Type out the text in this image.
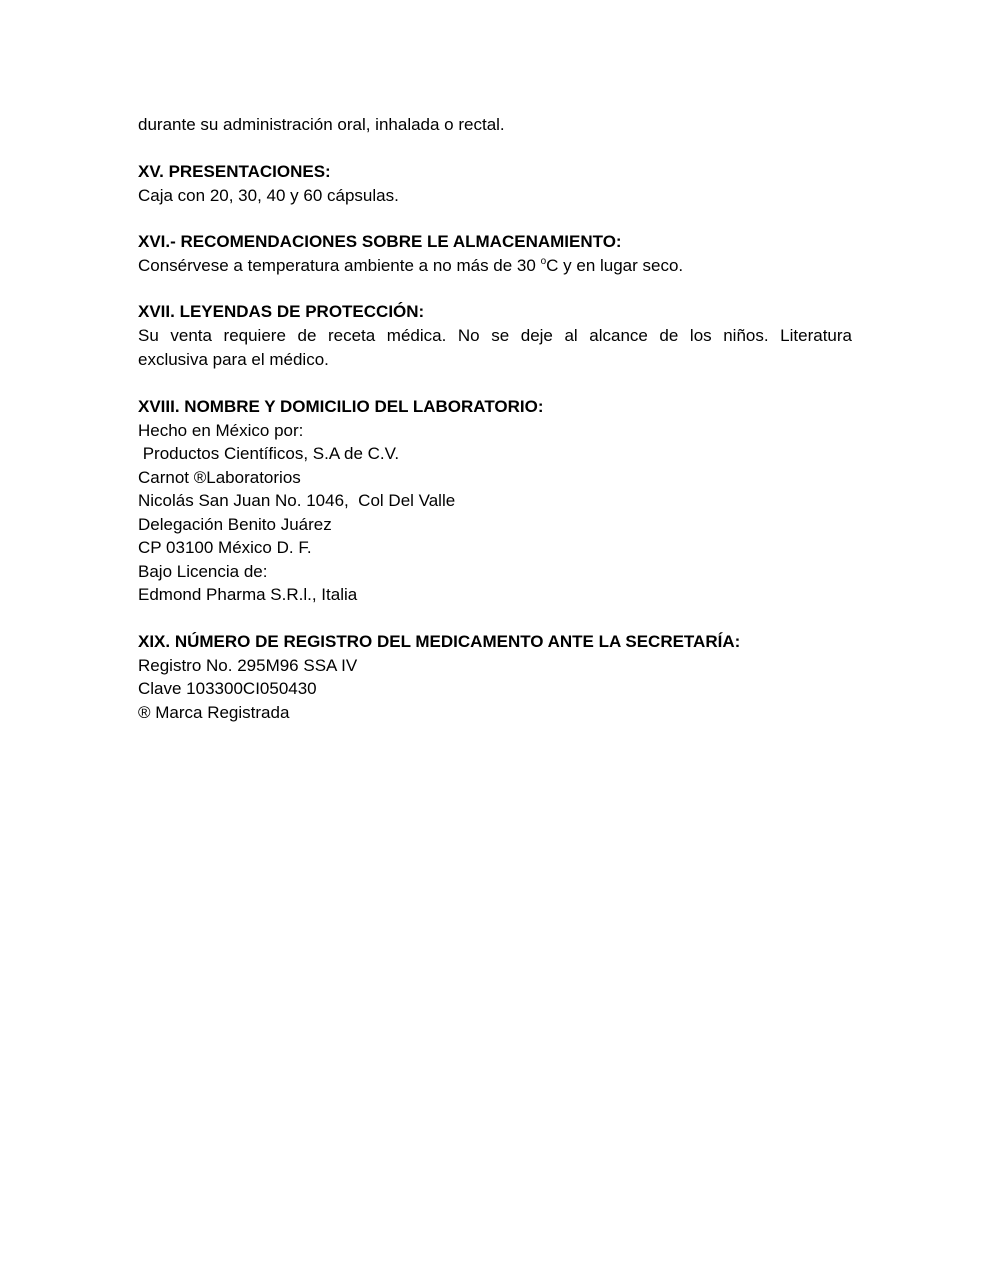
durante su administración oral, inhalada o rectal.
XV. PRESENTACIONES:
Caja con 20, 30, 40 y 60 cápsulas.
XVI.- RECOMENDACIONES SOBRE LE ALMACENAMIENTO:
Consérvese a temperatura ambiente a no más de 30 $^o$C y en lugar seco.
XVII. LEYENDAS DE PROTECCIÓN:
Su venta requiere de receta médica. No se deje al alcance de los niños. Literatura
exclusiva para el médico.
XVIII. NOMBRE Y DOMICILIO DEL LABORATORIO:
Hecho en México por:
Productos Científicos, S.A de C.V.
Carnot ®Laboratorios
Nicolás San Juan No. 1046,  Col Del Valle
Delegación Benito Juárez
CP 03100 México D. F.
Bajo Licencia de:
Edmond Pharma S.R.l., Italia
XIX. NÚMERO DE REGISTRO DEL MEDICAMENTO ANTE LA SECRETARÍA:
Registro No. 295M96 SSA IV
Clave 103300CI050430
® Marca Registrada
